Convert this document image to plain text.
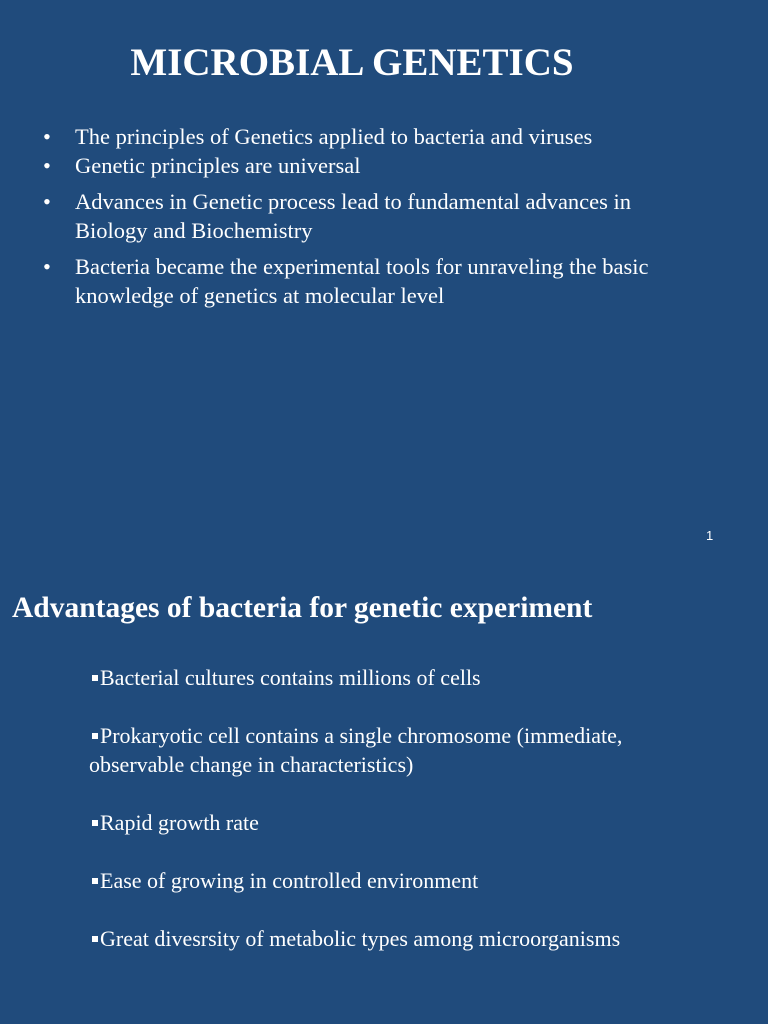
MICROBIAL GENETICS
• The principles of Genetics applied to bacteria and viruses
• Genetic principles are universal
• Advances in Genetic process lead to fundamental advances in Biology and Biochemistry
• Bacteria became the experimental tools for unraveling the basic knowledge of genetics at molecular level
1
Advantages of bacteria for genetic experiment
Bacterial cultures contains millions of cells
Prokaryotic cell contains a single chromosome (immediate, observable change in characteristics)
Rapid growth rate
Ease of growing in controlled environment
Great divesrsity of metabolic types among microorganisms
